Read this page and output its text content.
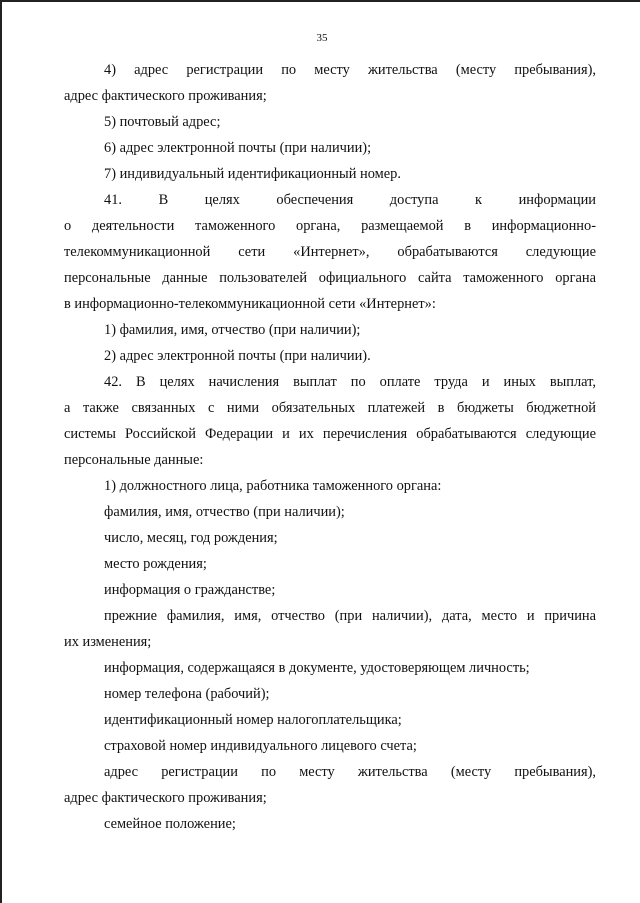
35
4) адрес регистрации по месту жительства (месту пребывания),
адрес фактического проживания;
5) почтовый адрес;
6) адрес электронной почты (при наличии);
7) индивидуальный идентификационный номер.
41. В целях обеспечения доступа к информации
о деятельности таможенного органа, размещаемой в информационно-
телекоммуникационной сети «Интернет», обрабатываются следующие
персональные данные пользователей официального сайта таможенного органа
в информационно-телекоммуникационной сети «Интернет»:
1) фамилия, имя, отчество (при наличии);
2) адрес электронной почты (при наличии).
42. В целях начисления выплат по оплате труда и иных выплат,
а также связанных с ними обязательных платежей в бюджеты бюджетной
системы Российской Федерации и их перечисления обрабатываются следующие
персональные данные:
1) должностного лица, работника таможенного органа:
фамилия, имя, отчество (при наличии);
число, месяц, год рождения;
место рождения;
информация о гражданстве;
прежние фамилия, имя, отчество (при наличии), дата, место и причина
их изменения;
информация, содержащаяся в документе, удостоверяющем личность;
номер телефона (рабочий);
идентификационный номер налогоплательщика;
страховой номер индивидуального лицевого счета;
адрес регистрации по месту жительства (месту пребывания),
адрес фактического проживания;
семейное положение;
